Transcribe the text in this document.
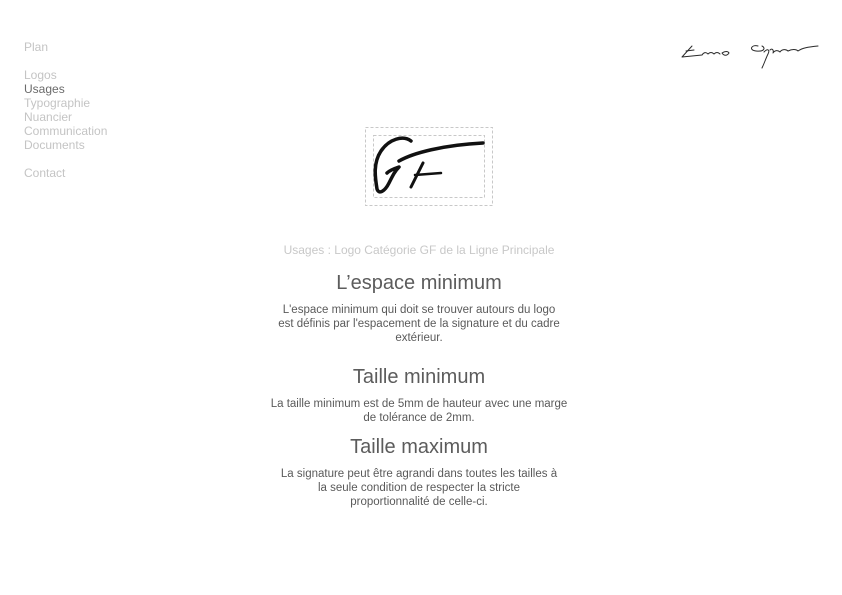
Plan
Logos
Usages
Typographie
Nuancier
Communication
Documents
Contact

Usages : Logo Catégorie GF de la Ligne Principale

L’espace minimum

L'espace minimum qui doit se trouver autours du logo est définis par l'espacement de la signature et du cadre extérieur.

Taille minimum

La taille minimum est de 5mm de hauteur avec une marge de tolérance de 2mm.

Taille maximum

La signature peut être agrandi dans toutes les tailles à la seule condition de respecter la stricte proportionnalité de celle-ci.
